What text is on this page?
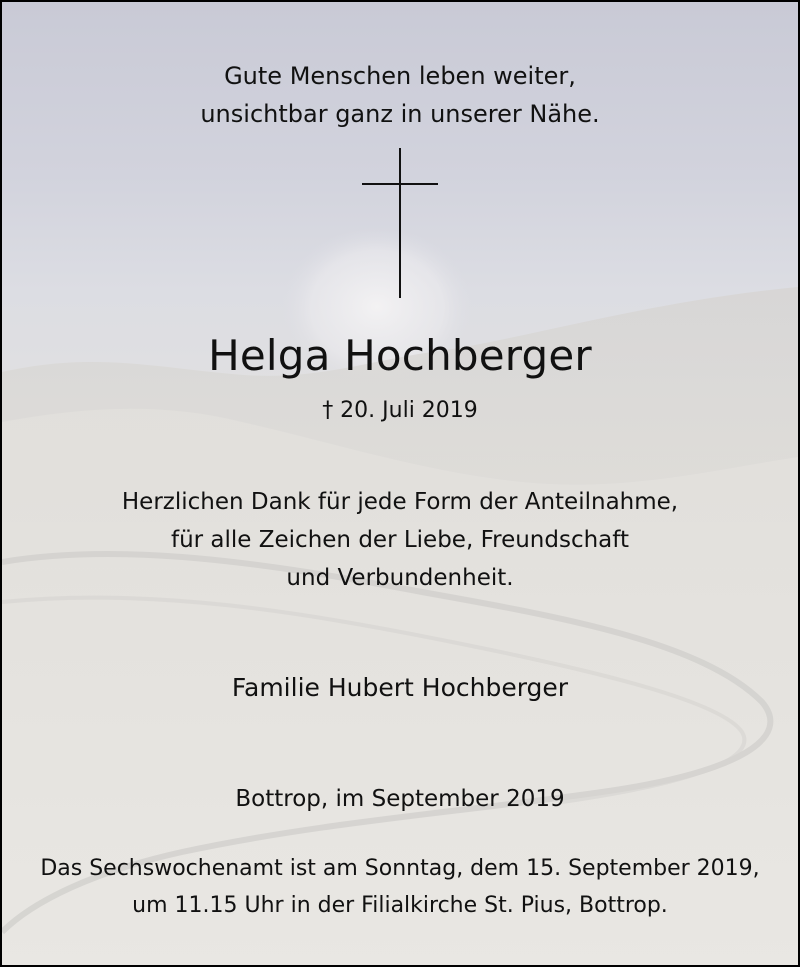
Gute Menschen leben weiter,
unsichtbar ganz in unserer Nähe.
Helga Hochberger
† 20. Juli 2019
Herzlichen Dank für jede Form der Anteilnahme,
für alle Zeichen der Liebe, Freundschaft
und Verbundenheit.
Familie Hubert Hochberger
Bottrop, im September 2019
Das Sechswochenamt ist am Sonntag, dem 15. September 2019,
um 11.15 Uhr in der Filialkirche St. Pius, Bottrop.
